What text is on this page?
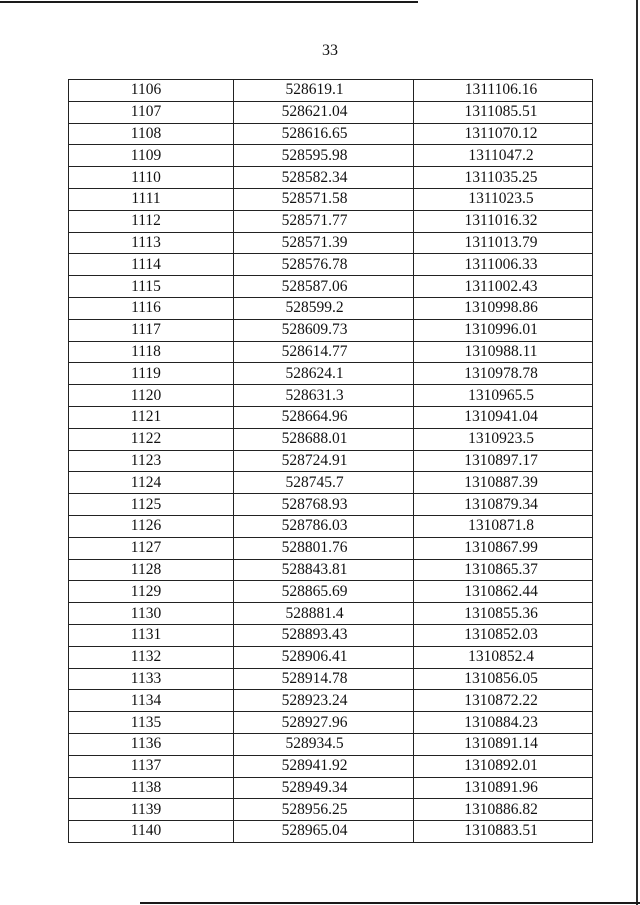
33
1106	528619.1	1311106.16
1107	528621.04	1311085.51
1108	528616.65	1311070.12
1109	528595.98	1311047.2
1110	528582.34	1311035.25
1111	528571.58	1311023.5
1112	528571.77	1311016.32
1113	528571.39	1311013.79
1114	528576.78	1311006.33
1115	528587.06	1311002.43
1116	528599.2	1310998.86
1117	528609.73	1310996.01
1118	528614.77	1310988.11
1119	528624.1	1310978.78
1120	528631.3	1310965.5
1121	528664.96	1310941.04
1122	528688.01	1310923.5
1123	528724.91	1310897.17
1124	528745.7	1310887.39
1125	528768.93	1310879.34
1126	528786.03	1310871.8
1127	528801.76	1310867.99
1128	528843.81	1310865.37
1129	528865.69	1310862.44
1130	528881.4	1310855.36
1131	528893.43	1310852.03
1132	528906.41	1310852.4
1133	528914.78	1310856.05
1134	528923.24	1310872.22
1135	528927.96	1310884.23
1136	528934.5	1310891.14
1137	528941.92	1310892.01
1138	528949.34	1310891.96
1139	528956.25	1310886.82
1140	528965.04	1310883.51
